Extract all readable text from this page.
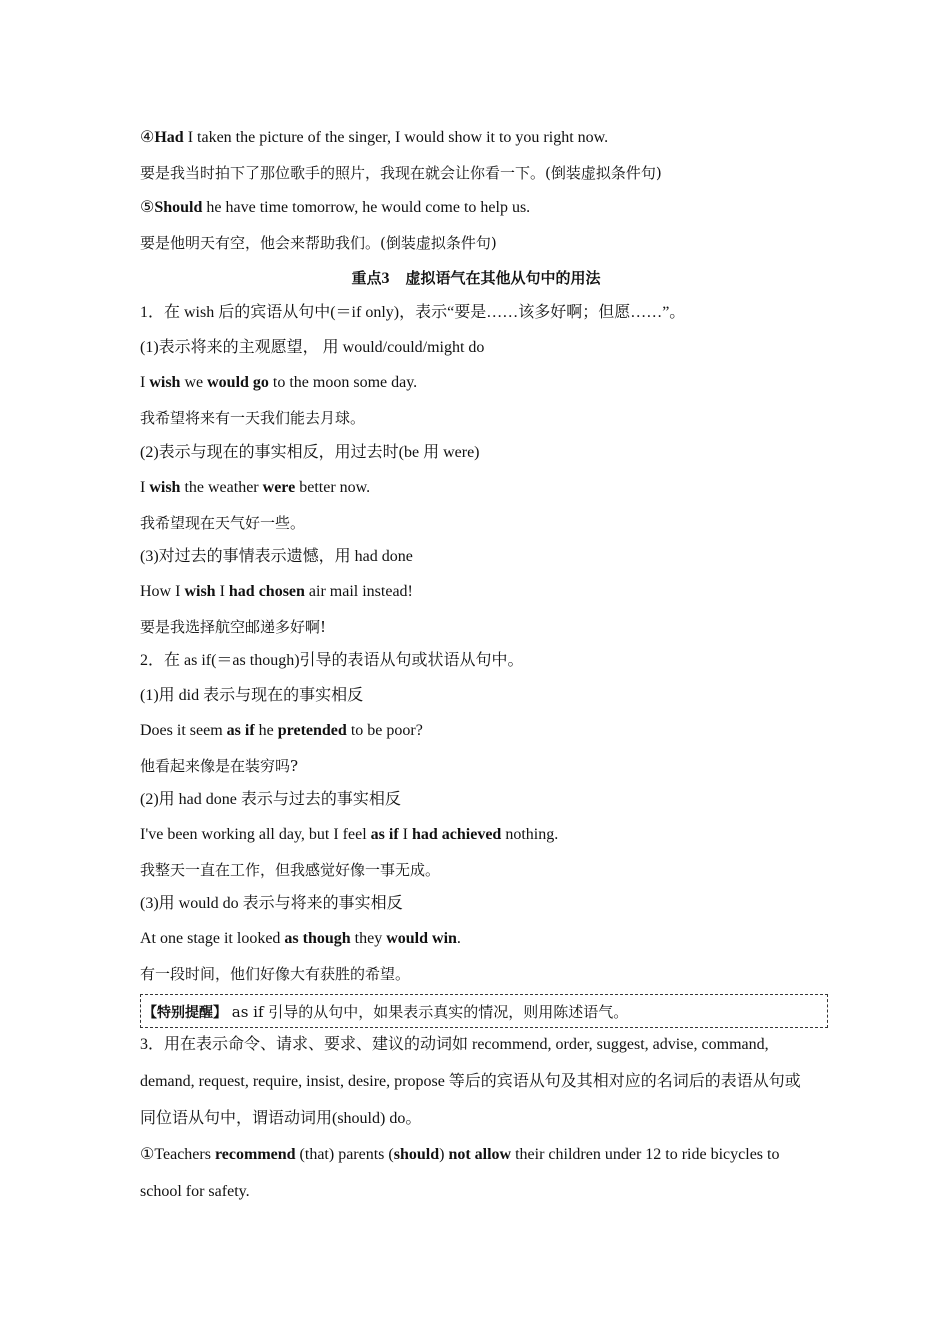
④Had I taken the picture of the singer, I would show it to you right now.
要是我当时拍下了那位歌手的照片，我现在就会让你看一下。(倒装虚拟条件句)
⑤Should he have time tomorrow, he would come to help us.
要是他明天有空，他会来帮助我们。(倒装虚拟条件句)
重点3  虚拟语气在其他从句中的用法
1．在 wish 后的宾语从句中(＝if only)，表示“要是……该多好啊；但愿……”。
(1)表示将来的主观愿望， 用 would/could/might do
I wish we would go to the moon some day.
我希望将来有一天我们能去月球。
(2)表示与现在的事实相反，用过去时(be 用 were)
I wish the weather were better now.
我希望现在天气好一些。
(3)对过去的事情表示遗憾，用 had done
How I wish I had chosen air mail instead!
要是我选择航空邮递多好啊!
2．在 as if(＝as though)引导的表语从句或状语从句中。
(1)用 did 表示与现在的事实相反
Does it seem as if he pretended to be poor?
他看起来像是在装穷吗?
(2)用 had done 表示与过去的事实相反
I've been working all day, but I feel as if I had achieved nothing.
我整天一直在工作，但我感觉好像一事无成。
(3)用 would do 表示与将来的事实相反
At one stage it looked as though they would win.
有一段时间，他们好像大有获胜的希望。
【特别提醒】 as if 引导的从句中，如果表示真实的情况，则用陈述语气。
3．用在表示命令、请求、要求、建议的动词如 recommend, order, suggest, advise, command, demand, request, require, insist, desire, propose 等后的宾语从句及其相对应的名词后的表语从句或同位语从句中，谓语动词用(should) do。
①Teachers recommend (that) parents (should) not allow their children under 12 to ride bicycles to school for safety.
